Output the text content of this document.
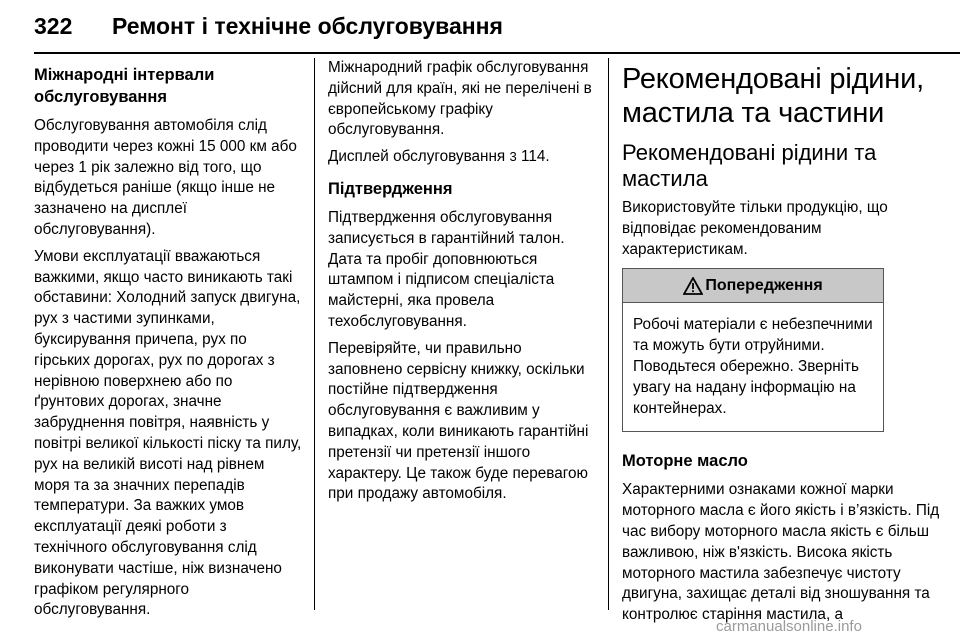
322	Ремонт і технічне обслуговування
Міжнародні інтервали обслуговування
Обслуговування автомобіля слід проводити через кожні 15 000 км або через 1 рік залежно від того, що відбудеться раніше (якщо інше не зазначено на дисплеї обслуговування).
Умови експлуатації вважаються важкими, якщо часто виникають такі обставини: Холодний запуск двигуна, рух з частими зупинками, буксирування причепа, рух по гірських дорогах, рух по дорогах з нерівною поверхнею або по ґрунтових дорогах, значне забруднення повітря, наявність у повітрі великої кількості піску та пилу, рух на великій висоті над рівнем моря та за значних перепадів температури. За важких умов експлуатації деякі роботи з технічного обслуговування слід виконувати частіше, ніж визначено графіком регулярного обслуговування.
Міжнародний графік обслуговування дійсний для країн, які не перелічені в європейському графіку обслуговування.
Дисплей обслуговування 3 114.
Підтвердження
Підтвердження обслуговування записується в гарантійний талон. Дата та пробіг доповнюються штампом і підписом спеціаліста майстерні, яка провела техобслуговування.
Перевіряйте, чи правильно заповнено сервісну книжку, оскільки постійне підтвердження обслуговування є важливим у випадках, коли виникають гарантійні претензії чи претензії іншого характеру. Це також буде перевагою при продажу автомобіля.
Рекомендовані рідини, мастила та частини
Рекомендовані рідини та мастила
Використовуйте тільки продукцію, що відповідає рекомендованим характеристикам.
Попередження
Робочі матеріали є небезпечними та можуть бути отруйними. Поводьтеся обережно. Зверніть увагу на надану інформацію на контейнерах.
Моторне масло
Характерними ознаками кожної марки моторного масла є його якість і в’язкість. Під час вибору моторного масла якість є більш важливою, ніж в'язкість. Висока якість моторного мастила забезпечує чистоту двигуна, захищає деталі від зношування та контролює старіння мастила, а
carmanualsonline.info
